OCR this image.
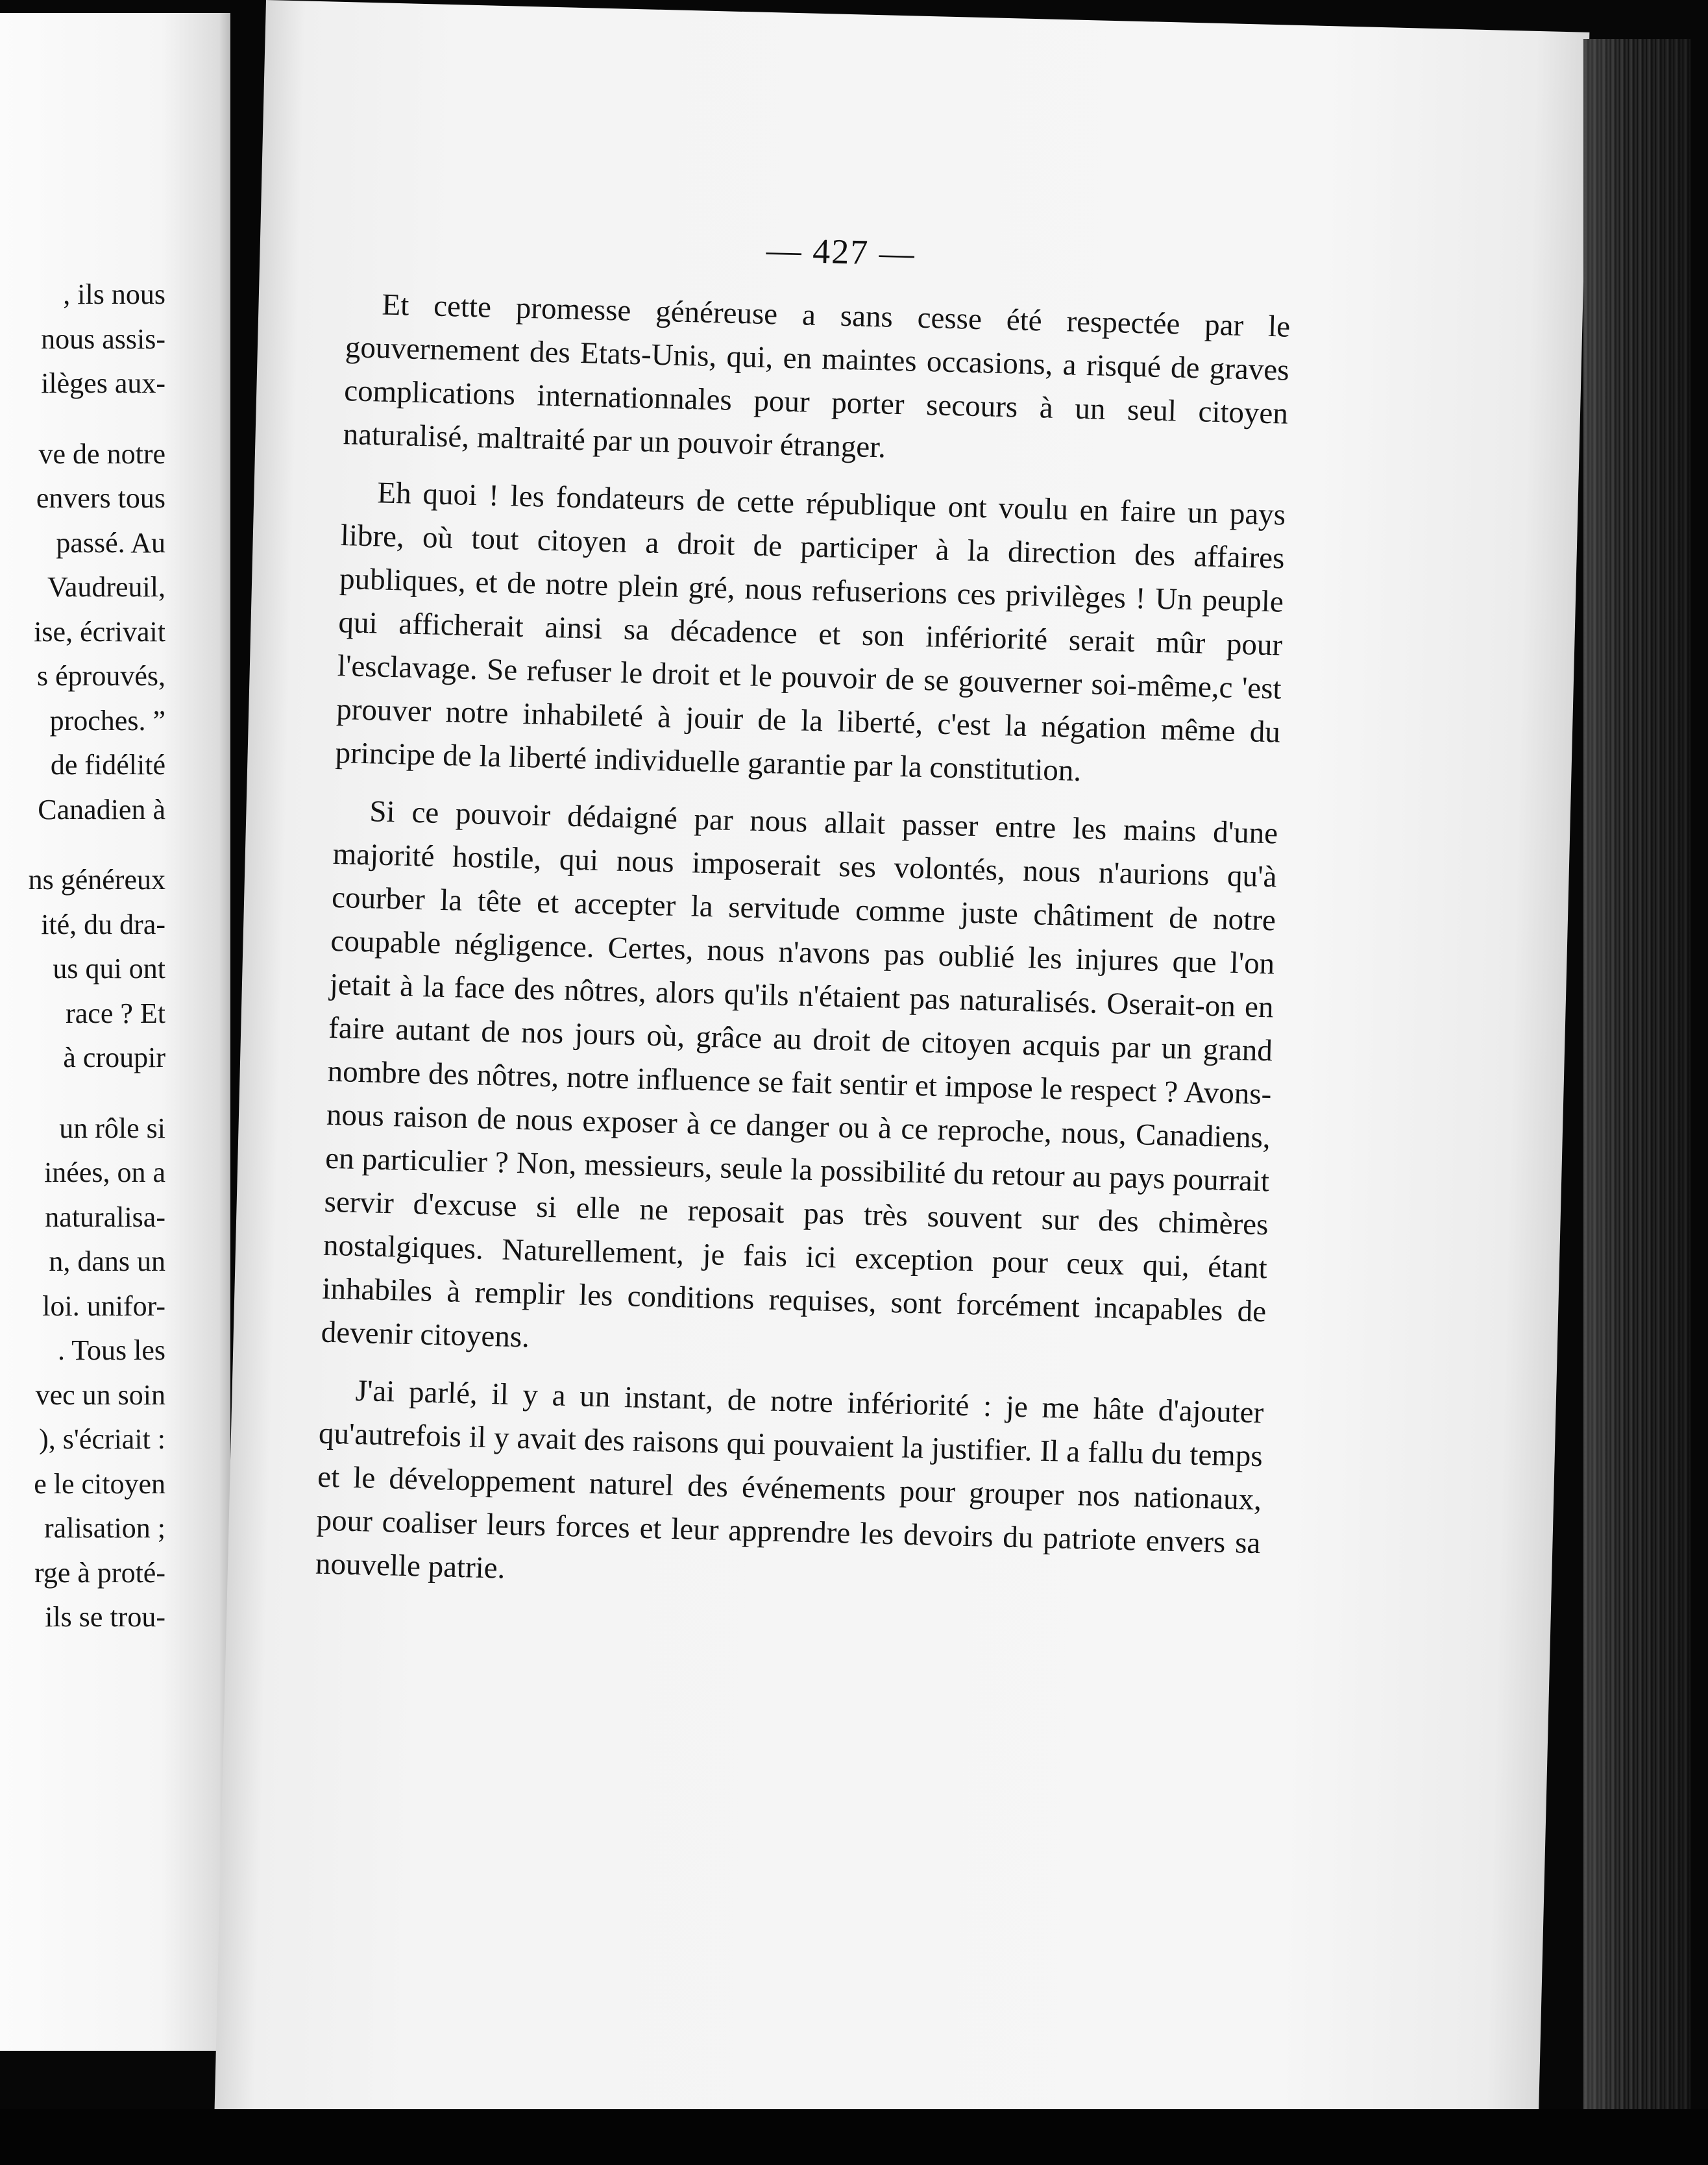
, ils nous
nous assis-
ilèges aux-
ve de notre
envers tous
passé. Au
Vaudreuil,
ise, écrivait
s éprouvés,
proches. ”
de fidélité
Canadien à
ns généreux
ité, du dra-
us qui ont
race ? Et
à croupir
un rôle si
inées, on a
naturalisa-
n, dans un
loi. unifor-
. Tous les
vec un soin
), s'écriait :
e le citoyen
ralisation ;
rge à proté-
ils se trou-
— 427 —

Et cette promesse généreuse a sans cesse été respectée par le gouvernement des Etats-Unis, qui, en maintes occasions, a risqué de graves complications internationnales pour porter secours à un seul citoyen naturalisé, maltraité par un pouvoir étranger.

Eh quoi ! les fondateurs de cette république ont voulu en faire un pays libre, où tout citoyen a droit de participer à la direction des affaires publiques, et de notre plein gré, nous refuserions ces privilèges ! Un peuple qui afficherait ainsi sa décadence et son infériorité serait mûr pour l'esclavage. Se refuser le droit et le pouvoir de se gouverner soi-même,c 'est prouver notre inhabileté à jouir de la liberté, c'est la négation même du principe de la liberté individuelle garantie par la constitution.

Si ce pouvoir dédaigné par nous allait passer entre les mains d'une majorité hostile, qui nous imposerait ses volontés, nous n'aurions qu'à courber la tête et accepter la servitude comme juste châtiment de notre coupable négligence. Certes, nous n'avons pas oublié les injures que l'on jetait à la face des nôtres, alors qu'ils n'étaient pas naturalisés. Oserait-on en faire autant de nos jours où, grâce au droit de citoyen acquis par un grand nombre des nôtres, notre influence se fait sentir et impose le respect ? Avons-nous raison de nous exposer à ce danger ou à ce reproche, nous, Canadiens, en particulier ? Non, messieurs, seule la possibilité du retour au pays pourrait servir d'excuse si elle ne reposait pas très souvent sur des chimères nostalgiques. Naturellement, je fais ici exception pour ceux qui, étant inhabiles à remplir les conditions requises, sont forcément incapables de devenir citoyens.

J'ai parlé, il y a un instant, de notre infériorité : je me hâte d'ajouter qu'autrefois il y avait des raisons qui pouvaient la justifier. Il a fallu du temps et le développement naturel des événements pour grouper nos nationaux, pour coaliser leurs forces et leur apprendre les devoirs du patriote envers sa nouvelle patrie.
